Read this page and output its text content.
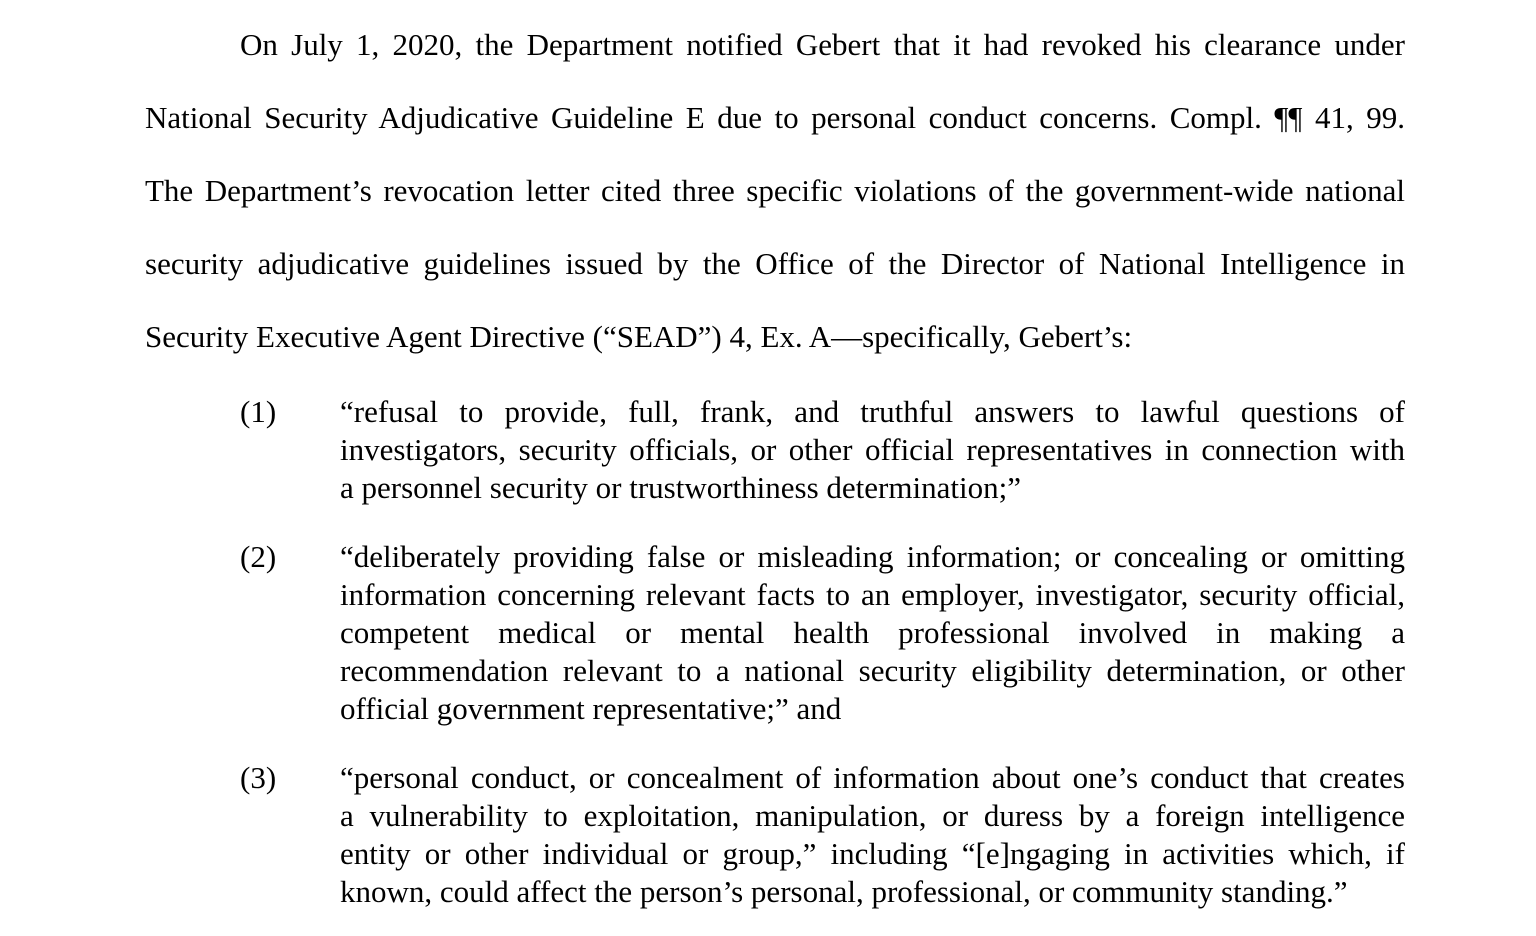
On July 1, 2020, the Department notified Gebert that it had revoked his clearance under
National Security Adjudicative Guideline E due to personal conduct concerns. Compl. ¶¶ 41, 99.
The Department’s revocation letter cited three specific violations of the government-wide national
security adjudicative guidelines issued by the Office of the Director of National Intelligence in
Security Executive Agent Directive (“SEAD”) 4, Ex. A—specifically, Gebert’s:
(1) “refusal to provide, full, frank, and truthful answers to lawful questions of
investigators, security officials, or other official representatives in connection with
a personnel security or trustworthiness determination;”
(2) “deliberately providing false or misleading information; or concealing or omitting
information concerning relevant facts to an employer, investigator, security official,
competent medical or mental health professional involved in making a
recommendation relevant to a national security eligibility determination, or other
official government representative;” and
(3) “personal conduct, or concealment of information about one’s conduct that creates
a vulnerability to exploitation, manipulation, or duress by a foreign intelligence
entity or other individual or group,” including “[e]ngaging in activities which, if
known, could affect the person’s personal, professional, or community standing.”
